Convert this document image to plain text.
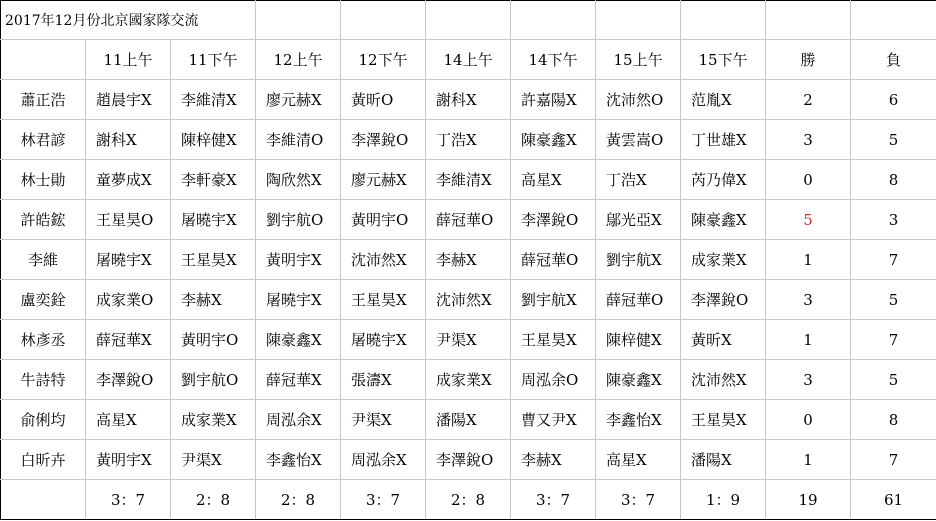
2017年12月份北京國家隊交流										
	11上午	11下午	12上午	12下午	14上午	14下午	15上午	15下午	勝	負
蕭正浩	趙晨宇X	李維清X	廖元赫X	黃昕O	謝科X	許嘉陽X	沈沛然O	范胤X	2	6
林君諺	謝科X	陳梓健X	李維清O	李澤銳O	丁浩X	陳豪鑫X	黃雲嵩O	丁世雄X	3	5
林士勛	童夢成X	李軒豪X	陶欣然X	廖元赫X	李維清X	高星X	丁浩X	芮乃偉X	0	8
許皓鋐	王星昊O	屠曉宇X	劉宇航O	黃明宇O	薛冠華O	李澤銳O	鄔光亞X	陳豪鑫X	5	3
李維	屠曉宇X	王星昊X	黃明宇X	沈沛然X	李赫X	薛冠華O	劉宇航X	成家業X	1	7
盧奕銓	成家業O	李赫X	屠曉宇X	王星昊X	沈沛然X	劉宇航X	薛冠華O	李澤銳O	3	5
林彥丞	薛冠華X	黃明宇O	陳豪鑫X	屠曉宇X	尹渠X	王星昊X	陳梓健X	黃昕X	1	7
牛詩特	李澤銳O	劉宇航O	薛冠華X	張濤X	成家業X	周泓余O	陳豪鑫X	沈沛然X	3	5
俞俐均	高星X	成家業X	周泓余X	尹渠X	潘陽X	曹又尹X	李鑫怡X	王星昊X	0	8
白昕卉	黃明宇X	尹渠X	李鑫怡X	周泓余X	李澤銳O	李赫X	高星X	潘陽X	1	7
	3：7	2：8	2：8	3：7	2：8	3：7	3：7	1：9	19	61
